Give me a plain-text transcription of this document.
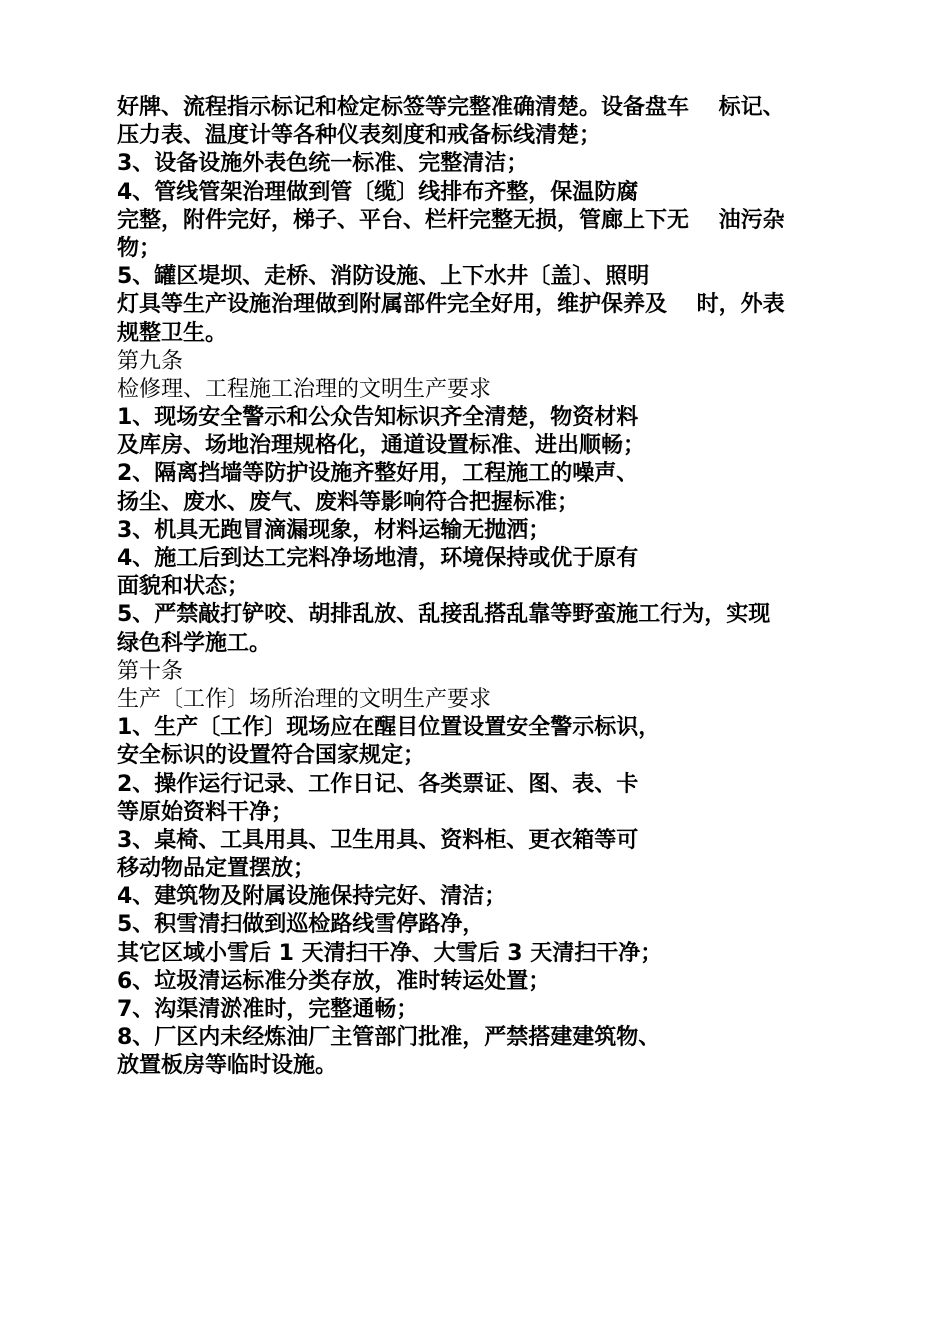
好牌、流程指示标记和检定标签等完整准确清楚。设备盘车　 标记、
压力表、温度计等各种仪表刻度和戒备标线清楚；
3、设备设施外表色统一标准、完整清洁；
4、管线管架治理做到管〔缆〕线排布齐整，保温防腐
完整，附件完好，梯子、平台、栏杆完整无损，管廊上下无　 油污杂
物；
5、罐区堤坝、走桥、消防设施、上下水井〔盖〕、照明
灯具等生产设施治理做到附属部件完全好用，维护保养及　 时，外表
规整卫生。
第九条
检修理、工程施工治理的文明生产要求
1、现场安全警示和公众告知标识齐全清楚，物资材料
及库房、场地治理规格化，通道设置标准、进出顺畅；
2、隔离挡墙等防护设施齐整好用，工程施工的噪声、
扬尘、废水、废气、废料等影响符合把握标准；
3、机具无跑冒滴漏现象，材料运输无抛洒；
4、施工后到达工完料净场地清，环境保持或优于原有
面貌和状态；
5、严禁敲打铲咬、胡排乱放、乱接乱搭乱靠等野蛮施工行为，实现
绿色科学施工。
第十条
生产〔工作〕场所治理的文明生产要求
1、生产〔工作〕现场应在醒目位置设置安全警示标识，
安全标识的设置符合国家规定；
2、操作运行记录、工作日记、各类票证、图、表、卡
等原始资料干净；
3、桌椅、工具用具、卫生用具、资料柜、更衣箱等可
移动物品定置摆放；
4、建筑物及附属设施保持完好、清洁；
5、积雪清扫做到巡检路线雪停路净，
其它区域小雪后 1 天清扫干净、大雪后 3 天清扫干净；
6、垃圾清运标准分类存放，准时转运处置；
7、沟渠清淤准时，完整通畅；
8、厂区内未经炼油厂主管部门批准，严禁搭建建筑物、
放置板房等临时设施。
